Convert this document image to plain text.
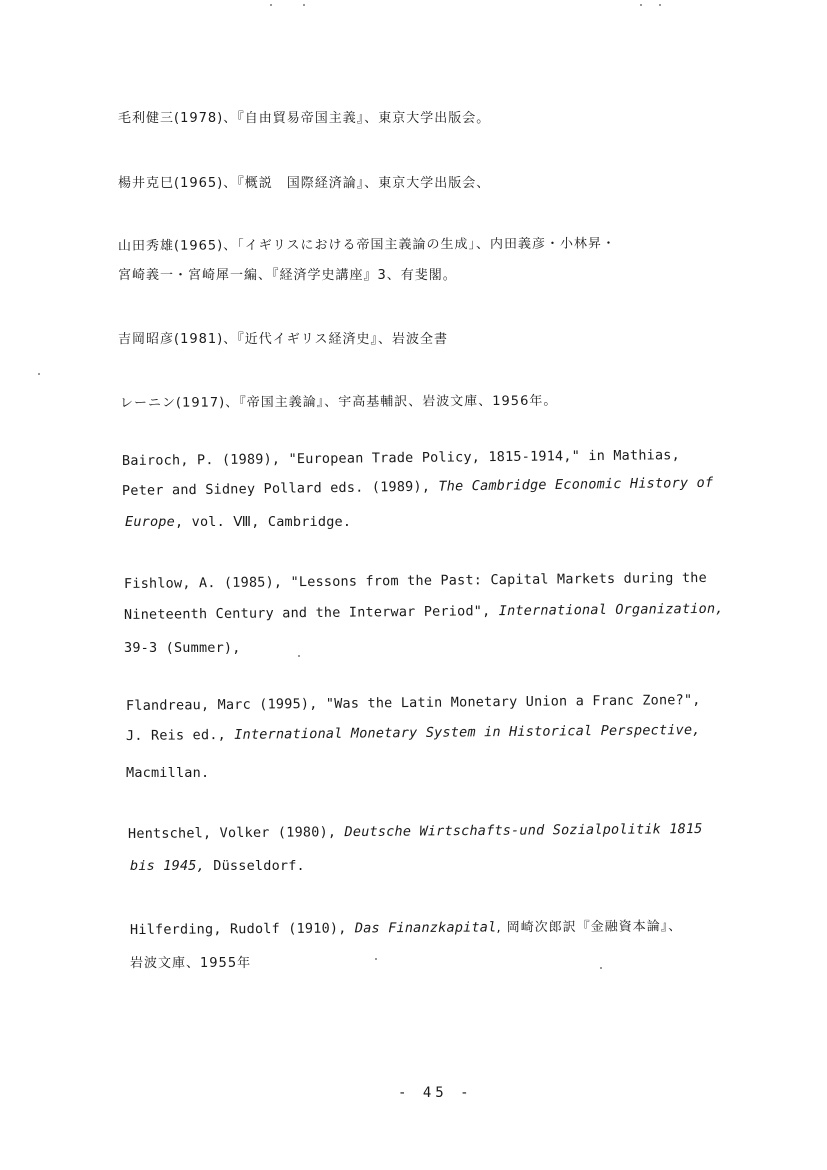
毛利健三(1978)、『自由貿易帝国主義』、東京大学出版会。
楊井克巳(1965)、『概説　国際経済論』、東京大学出版会、
山田秀雄(1965)、「イギリスにおける帝国主義論の生成」、内田義彦・小林昇・
宮崎義一・宮崎犀一編、『経済学史講座』3、有斐閣。
吉岡昭彦(1981)、『近代イギリス経済史』、岩波全書
レーニン(1917)、『帝国主義論』、宇高基輔訳、岩波文庫、1956年。
Bairoch, P. (1989), "European Trade Policy, 1815-1914," in Mathias,
Peter and Sidney Pollard eds. (1989), The Cambridge Economic History of
Europe, vol. Ⅷ, Cambridge.
Fishlow, A. (1985), "Lessons from the Past: Capital Markets during the
Nineteenth Century and the Interwar Period", International Organization,
39-3 (Summer),
Flandreau, Marc (1995), "Was the Latin Monetary Union a Franc Zone?",
J. Reis ed., International Monetary System in Historical Perspective,
Macmillan.
Hentschel, Volker (1980), Deutsche Wirtschafts-und Sozialpolitik 1815
bis 1945, Düsseldorf.
Hilferding, Rudolf (1910), Das Finanzkapital, 岡崎次郎訳『金融資本論』、
岩波文庫、1955年
- 45 -
